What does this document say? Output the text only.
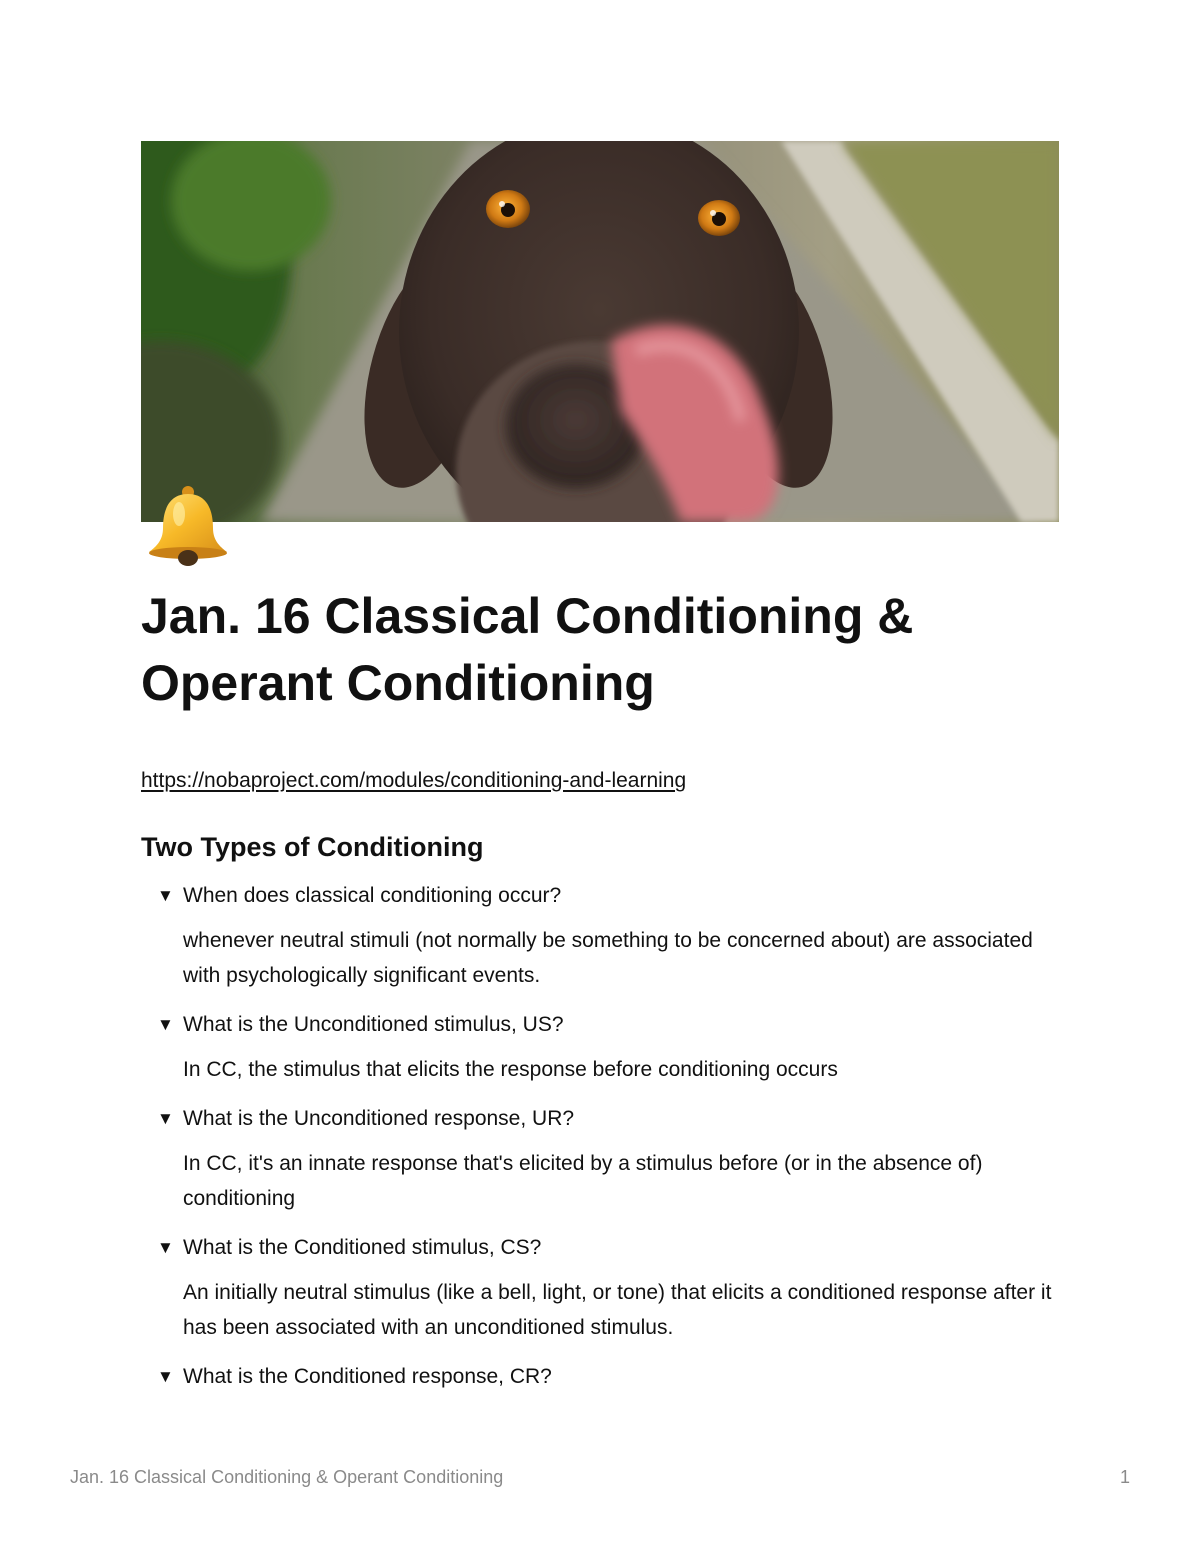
Jan. 16 Classical Conditioning & Operant Conditioning
https://nobaproject.com/modules/conditioning-and-learning
Two Types of Conditioning
▼ When does classical conditioning occur?
whenever neutral stimuli (not normally be something to be concerned about) are associated with psychologically significant events.
▼ What is the Unconditioned stimulus, US?
In CC, the stimulus that elicits the response before conditioning occurs
▼ What is the Unconditioned response, UR?
In CC, it's an innate response that's elicited by a stimulus before (or in the absence of) conditioning
▼ What is the Conditioned stimulus, CS?
An initially neutral stimulus (like a bell, light, or tone) that elicits a conditioned response after it has been associated with an unconditioned stimulus.
▼ What is the Conditioned response, CR?
Jan. 16 Classical Conditioning & Operant Conditioning	1
